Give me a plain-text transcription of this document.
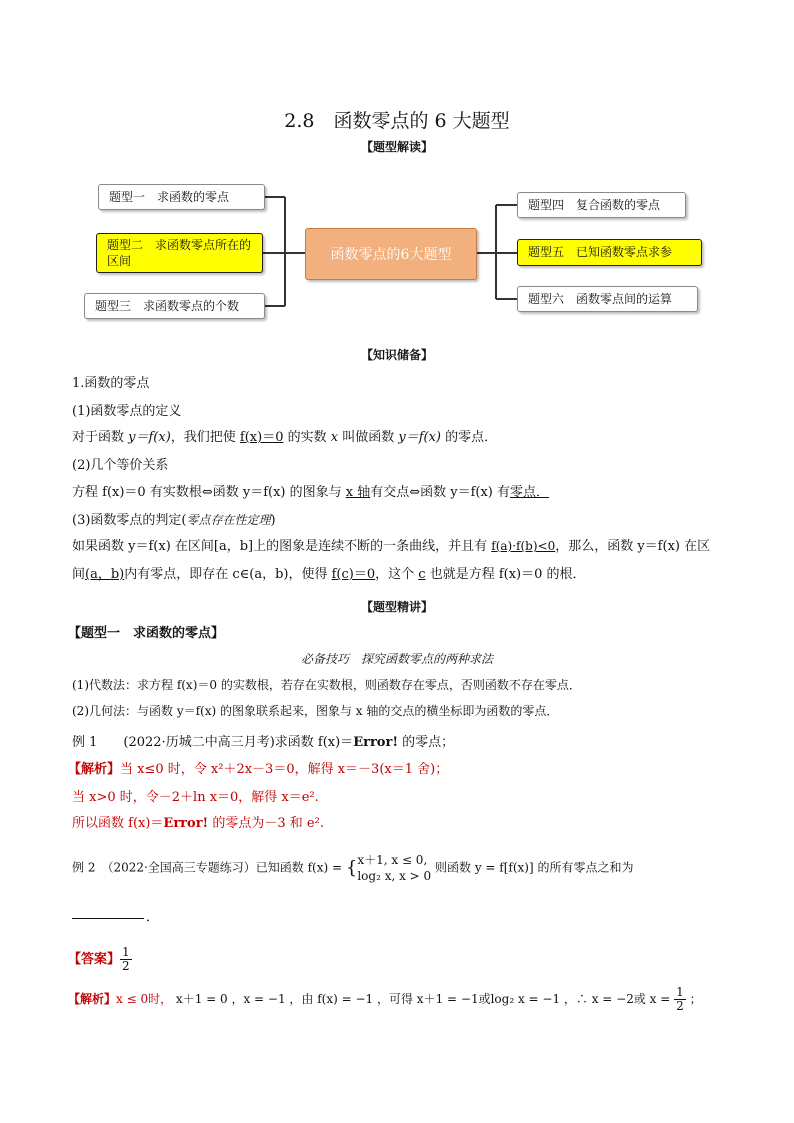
2.8　函数零点的 6 大题型
【题型解读】
题型一　求函数的零点
题型二　求函数零点所在的区间
题型三　求函数零点的个数
函数零点的6大题型
题型四　复合函数的零点
题型五　已知函数零点求参
题型六　函数零点间的运算
【知识储备】
1.函数的零点
(1)函数零点的定义
对于函数 y＝f(x)，我们把使 f(x)＝0 的实数 x 叫做函数 y＝f(x) 的零点．
(2)几个等价关系
方程 f(x)＝0 有实数根⇔函数 y＝f(x) 的图象与 x 轴有交点⇔函数 y＝f(x) 有零点．
(3)函数零点的判定(零点存在性定理)
如果函数 y＝f(x) 在区间[a，b]上的图象是连续不断的一条曲线，并且有 f(a)·f(b)<0，那么，函数 y＝f(x) 在区
间(a，b)内有零点，即存在 c∈(a，b)，使得 f(c)＝0，这个 c 也就是方程 f(x)＝0 的根．
【题型精讲】
【题型一　求函数的零点】
必备技巧　探究函数零点的两种求法
(1)代数法：求方程 f(x)＝0 的实数根，若存在实数根，则函数存在零点，否则函数不存在零点．
(2)几何法：与函数 y＝f(x) 的图象联系起来，图象与 x 轴的交点的横坐标即为函数的零点．
例 1　　(2022·历城二中高三月考)求函数 f(x)＝Error! 的零点；
【解析】当 x≤0 时，令 x²＋2x－3＝0，解得 x＝－3(x＝1 舍)；
当 x>0 时，令－2＋ln x＝0，解得 x＝e².
所以函数 f(x)＝Error! 的零点为－3 和 e².
例 2　（2022·全国高三专题练习）已知函数 f(x) = { x＋1, x ≤ 0,
log₂ x, x > 0
则函数 y = f[f(x)] 的所有零点之和为
．
【答案】 $\frac{1}{2}$
【解析】x ≤ 0时， x＋1 = 0 ，x = −1 ，由 f(x) = −1 ，可得 x＋1 = −1或log₂ x = −1 ，∴ x = −2或 $x = \frac{1}{2}$ ；
